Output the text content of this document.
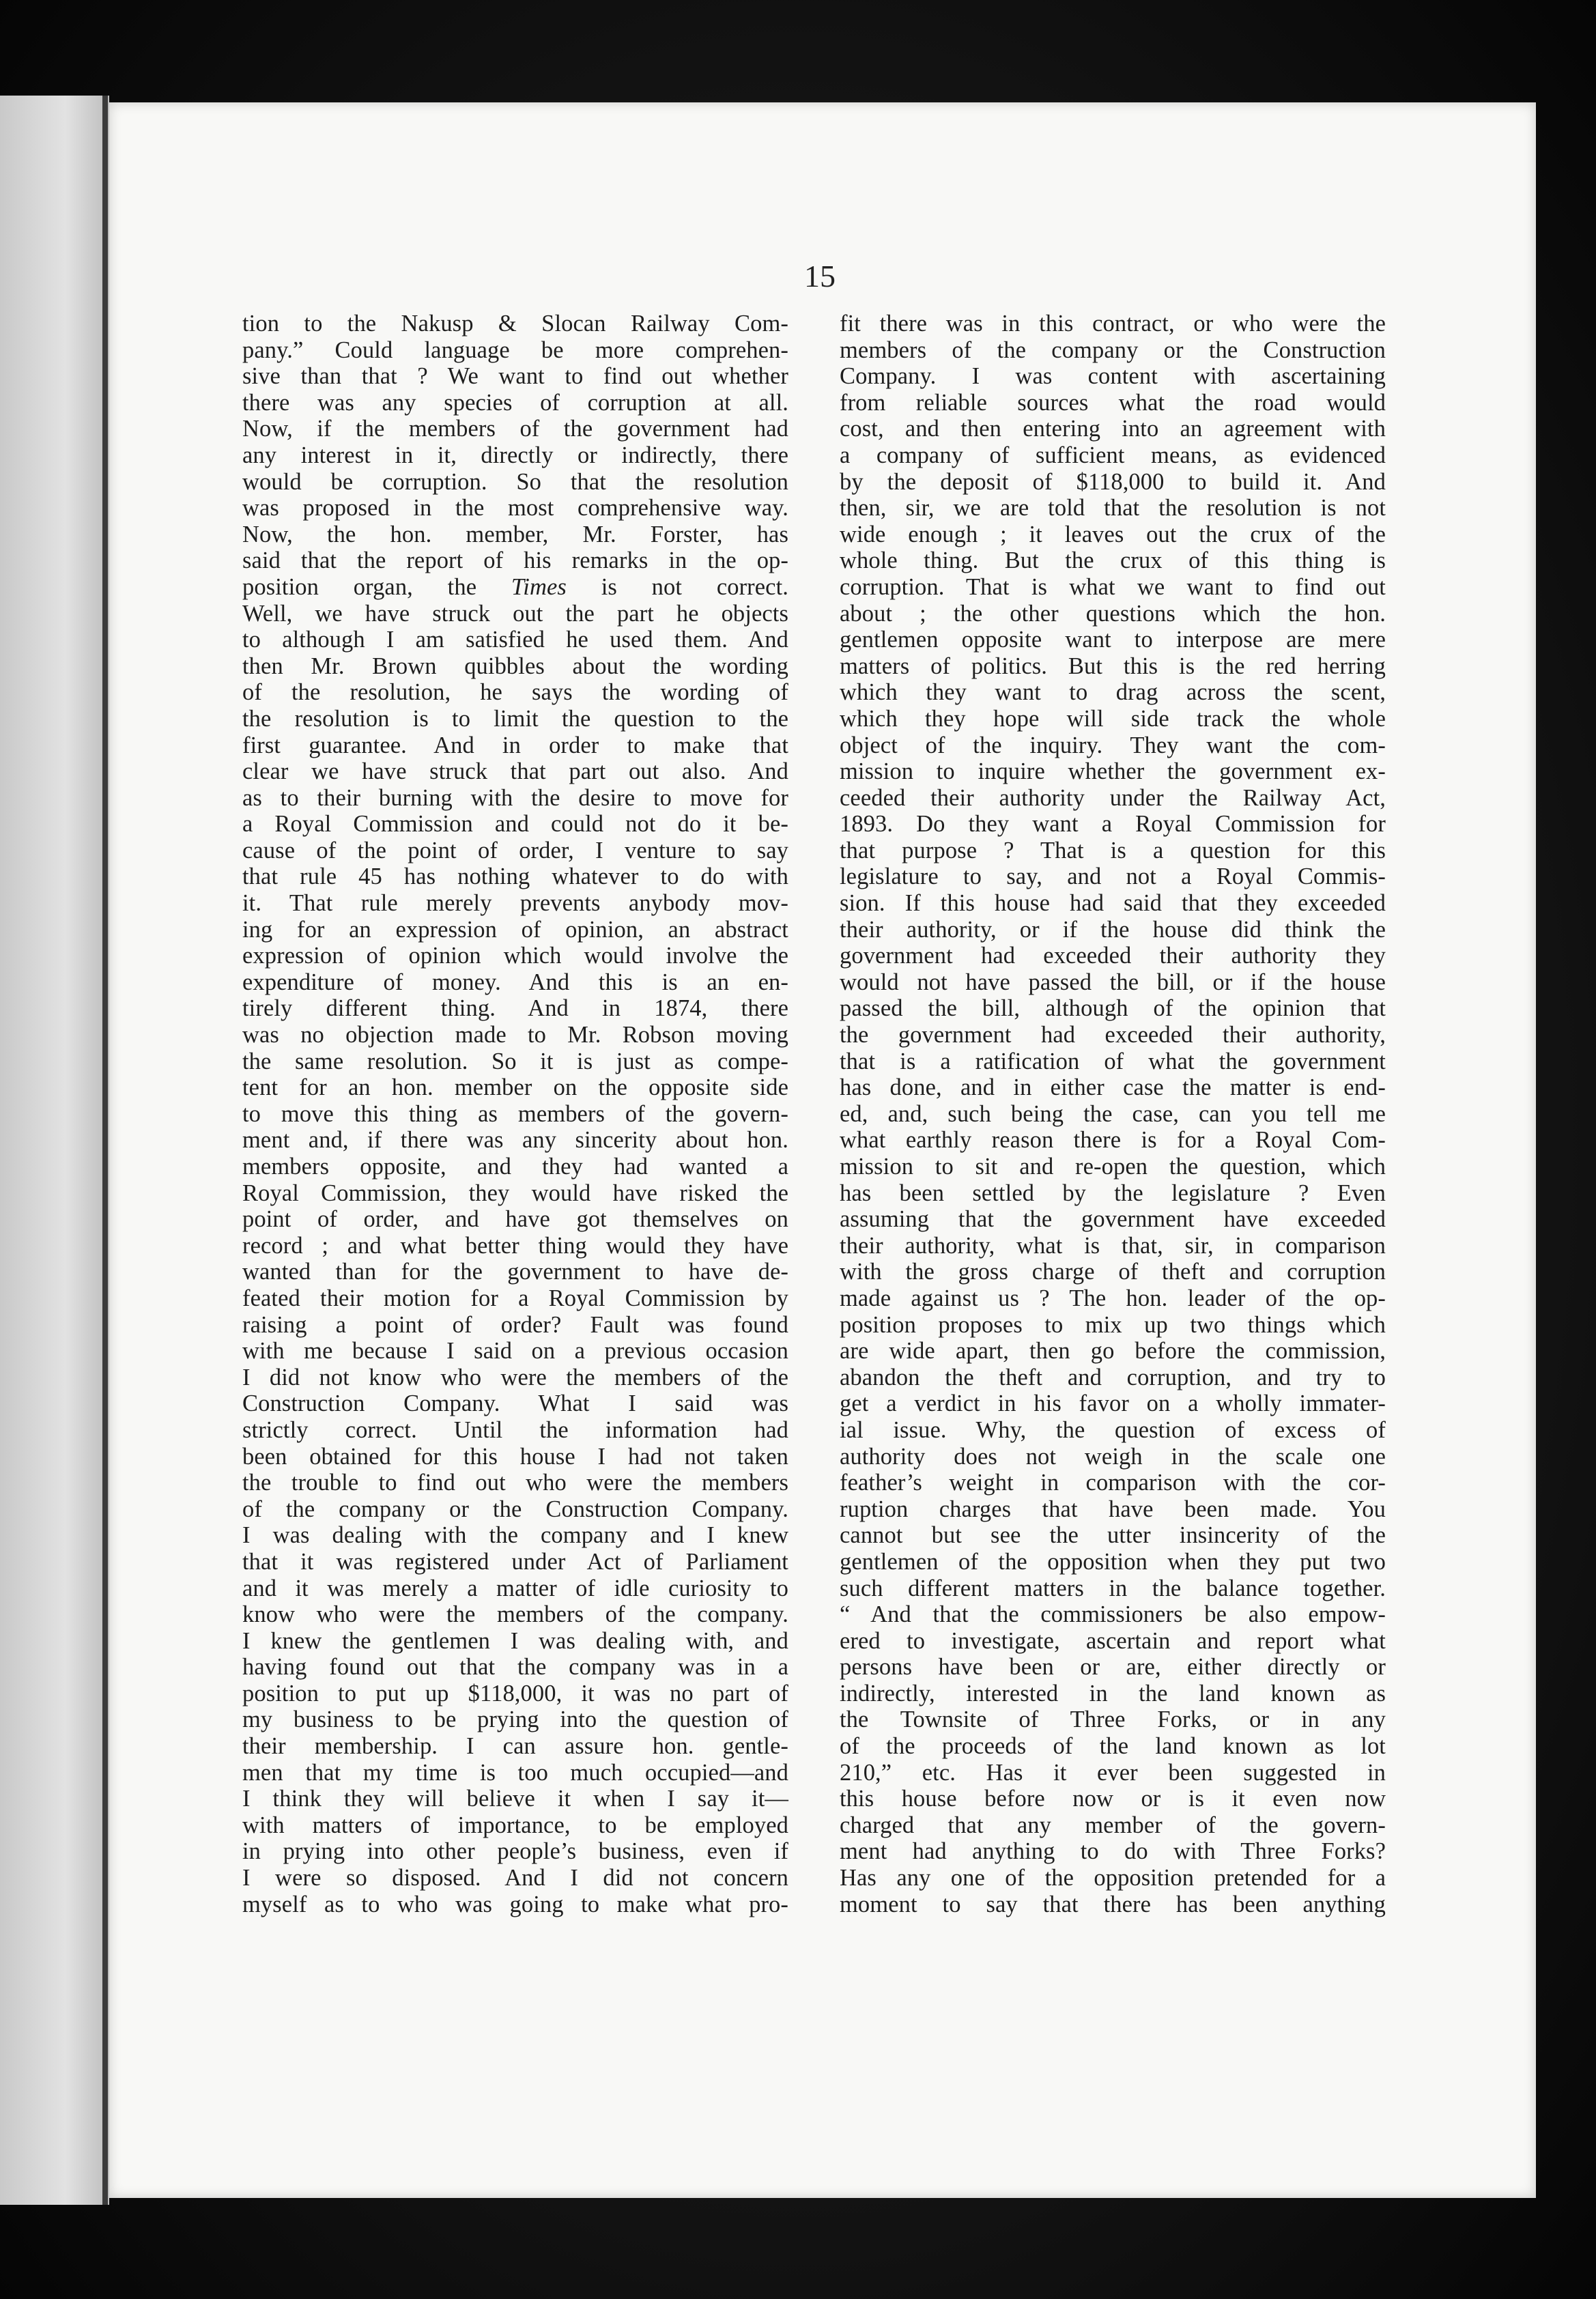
15
tion to the Nakusp & Slocan Railway Com-
pany.” Could language be more comprehen-
sive than that ? We want to find out whether
there was any species of corruption at all.
Now, if the members of the government had
any interest in it, directly or indirectly, there
would be corruption. So that the resolution
was proposed in the most comprehensive way.
Now, the hon. member, Mr. Forster, has
said that the report of his remarks in the op-
position organ, the Times is not correct.
Well, we have struck out the part he objects
to although I am satisfied he used them. And
then Mr. Brown quibbles about the wording
of the resolution, he says the wording of
the resolution is to limit the question to the
first guarantee. And in order to make that
clear we have struck that part out also. And
as to their burning with the desire to move for
a Royal Commission and could not do it be-
cause of the point of order, I venture to say
that rule 45 has nothing whatever to do with
it. That rule merely prevents anybody mov-
ing for an expression of opinion, an abstract
expression of opinion which would involve the
expenditure of money. And this is an en-
tirely different thing. And in 1874, there
was no objection made to Mr. Robson moving
the same resolution. So it is just as compe-
tent for an hon. member on the opposite side
to move this thing as members of the govern-
ment and, if there was any sincerity about hon.
members opposite, and they had wanted a
Royal Commission, they would have risked the
point of order, and have got themselves on
record ; and what better thing would they have
wanted than for the government to have de-
feated their motion for a Royal Commission by
raising a point of order? Fault was found
with me because I said on a previous occasion
I did not know who were the members of the
Construction Company. What I said was
strictly correct. Until the information had
been obtained for this house I had not taken
the trouble to find out who were the members
of the company or the Construction Company.
I was dealing with the company and I knew
that it was registered under Act of Parliament
and it was merely a matter of idle curiosity to
know who were the members of the company.
I knew the gentlemen I was dealing with, and
having found out that the company was in a
position to put up $118,000, it was no part of
my business to be prying into the question of
their membership. I can assure hon. gentle-
men that my time is too much occupied—and
I think they will believe it when I say it—
with matters of importance, to be employed
in prying into other people’s business, even if
I were so disposed. And I did not concern
myself as to who was going to make what pro-
fit there was in this contract, or who were the
members of the company or the Construction
Company. I was content with ascertaining
from reliable sources what the road would
cost, and then entering into an agreement with
a company of sufficient means, as evidenced
by the deposit of $118,000 to build it. And
then, sir, we are told that the resolution is not
wide enough ; it leaves out the crux of the
whole thing. But the crux of this thing is
corruption. That is what we want to find out
about ; the other questions which the hon.
gentlemen opposite want to interpose are mere
matters of politics. But this is the red herring
which they want to drag across the scent,
which they hope will side track the whole
object of the inquiry. They want the com-
mission to inquire whether the government ex-
ceeded their authority under the Railway Act,
1893. Do they want a Royal Commission for
that purpose ? That is a question for this
legislature to say, and not a Royal Commis-
sion. If this house had said that they exceeded
their authority, or if the house did think the
government had exceeded their authority they
would not have passed the bill, or if the house
passed the bill, although of the opinion that
the government had exceeded their authority,
that is a ratification of what the government
has done, and in either case the matter is end-
ed, and, such being the case, can you tell me
what earthly reason there is for a Royal Com-
mission to sit and re-open the question, which
has been settled by the legislature ? Even
assuming that the government have exceeded
their authority, what is that, sir, in comparison
with the gross charge of theft and corruption
made against us ? The hon. leader of the op-
position proposes to mix up two things which
are wide apart, then go before the commission,
abandon the theft and corruption, and try to
get a verdict in his favor on a wholly immater-
ial issue. Why, the question of excess of
authority does not weigh in the scale one
feather’s weight in comparison with the cor-
ruption charges that have been made. You
cannot but see the utter insincerity of the
gentlemen of the opposition when they put two
such different matters in the balance together.
“ And that the commissioners be also empow-
ered to investigate, ascertain and report what
persons have been or are, either directly or
indirectly, interested in the land known as
the Townsite of Three Forks, or in any
of the proceeds of the land known as lot
210,” etc. Has it ever been suggested in
this house before now or is it even now
charged that any member of the govern-
ment had anything to do with Three Forks?
Has any one of the opposition pretended for a
moment to say that there has been anything
